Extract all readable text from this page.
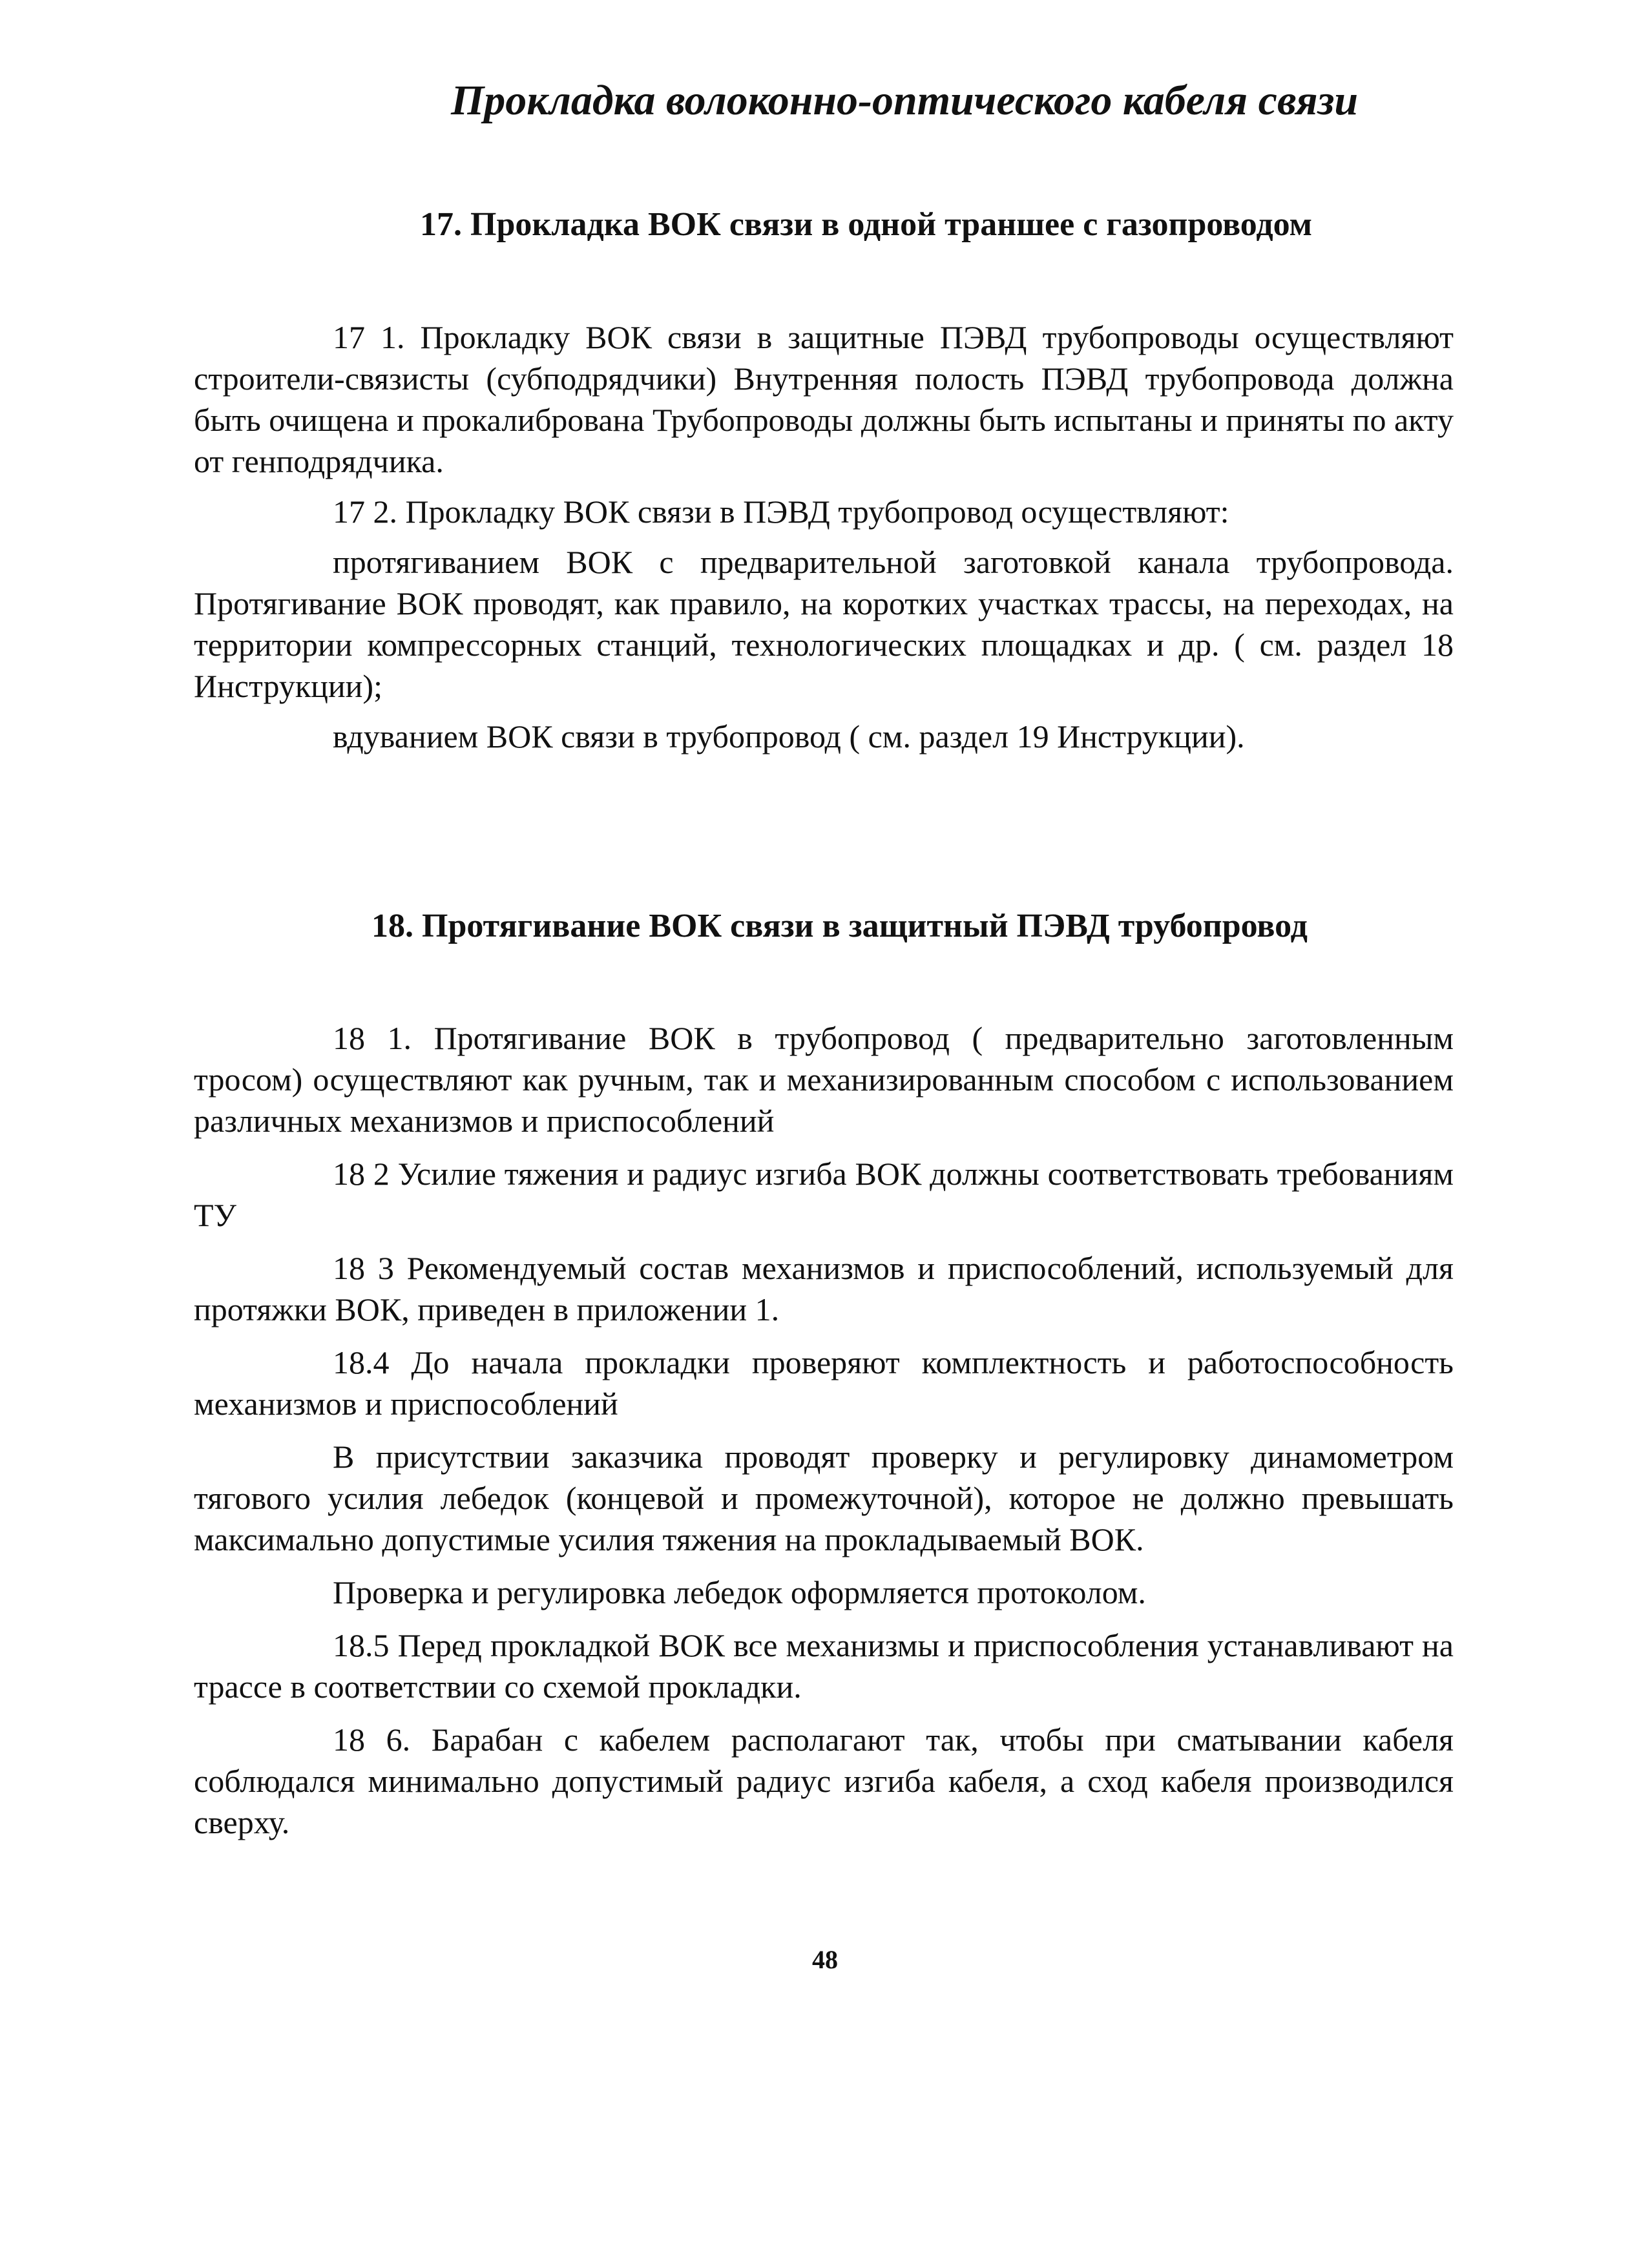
Прокладка волоконно-оптического кабеля связи
17. Прокладка ВОК связи в одной траншее с газопроводом

17 1. Прокладку ВОК связи в защитные ПЭВД трубопроводы осуществляют строители-связисты (субподрядчики) Внутренняя полость ПЭВД трубопровода должна быть очищена и прокалиброванa Трубопроводы должны быть испытаны и приняты по акту от генподрядчика.

17 2. Прокладку ВОК связи в ПЭВД трубопровод осуществляют:

протягиванием ВОК с предварительной заготовкой канала трубопровода. Протягивание ВОК проводят, как правило, на коротких участках трассы, на переходах, на территории компрессорных станций, технологических площадках и др. ( см. раздел 18 Инструкции);

вдуванием ВОК связи в трубопровод ( см. раздел 19 Инструкции).

18. Протягивание ВОК связи в защитный ПЭВД трубопровод

18 1. Протягивание ВОК в трубопровод ( предварительно заготовленным тросом) осуществляют как ручным, так и механизированным способом с использованием различных механизмов и приспособлений

18 2 Усилие тяжения и радиус изгиба ВОК должны соответствовать требованиям ТУ

18 3 Рекомендуемый состав механизмов и приспособлений, используемый для протяжки ВОК, приведен в приложении 1.

18.4 До начала прокладки проверяют комплектность и работоспособность механизмов и приспособлений

В присутствии заказчика проводят проверку и регулировку динамометром тягового усилия лебедок (концевой и промежуточной), которое не должно превышать максимально допустимые усилия тяжения на прокладываемый ВОК.

Проверка и регулировка лебедок оформляется протоколом.

18.5 Перед прокладкой ВОК все механизмы и приспособления устанавливают на трассе в соответствии со схемой прокладки.

18 6. Барабан с кабелем располагают так, чтобы при сматывании кабеля соблюдался минимально допустимый радиус изгиба кабеля, а сход кабеля производился сверху.

48
